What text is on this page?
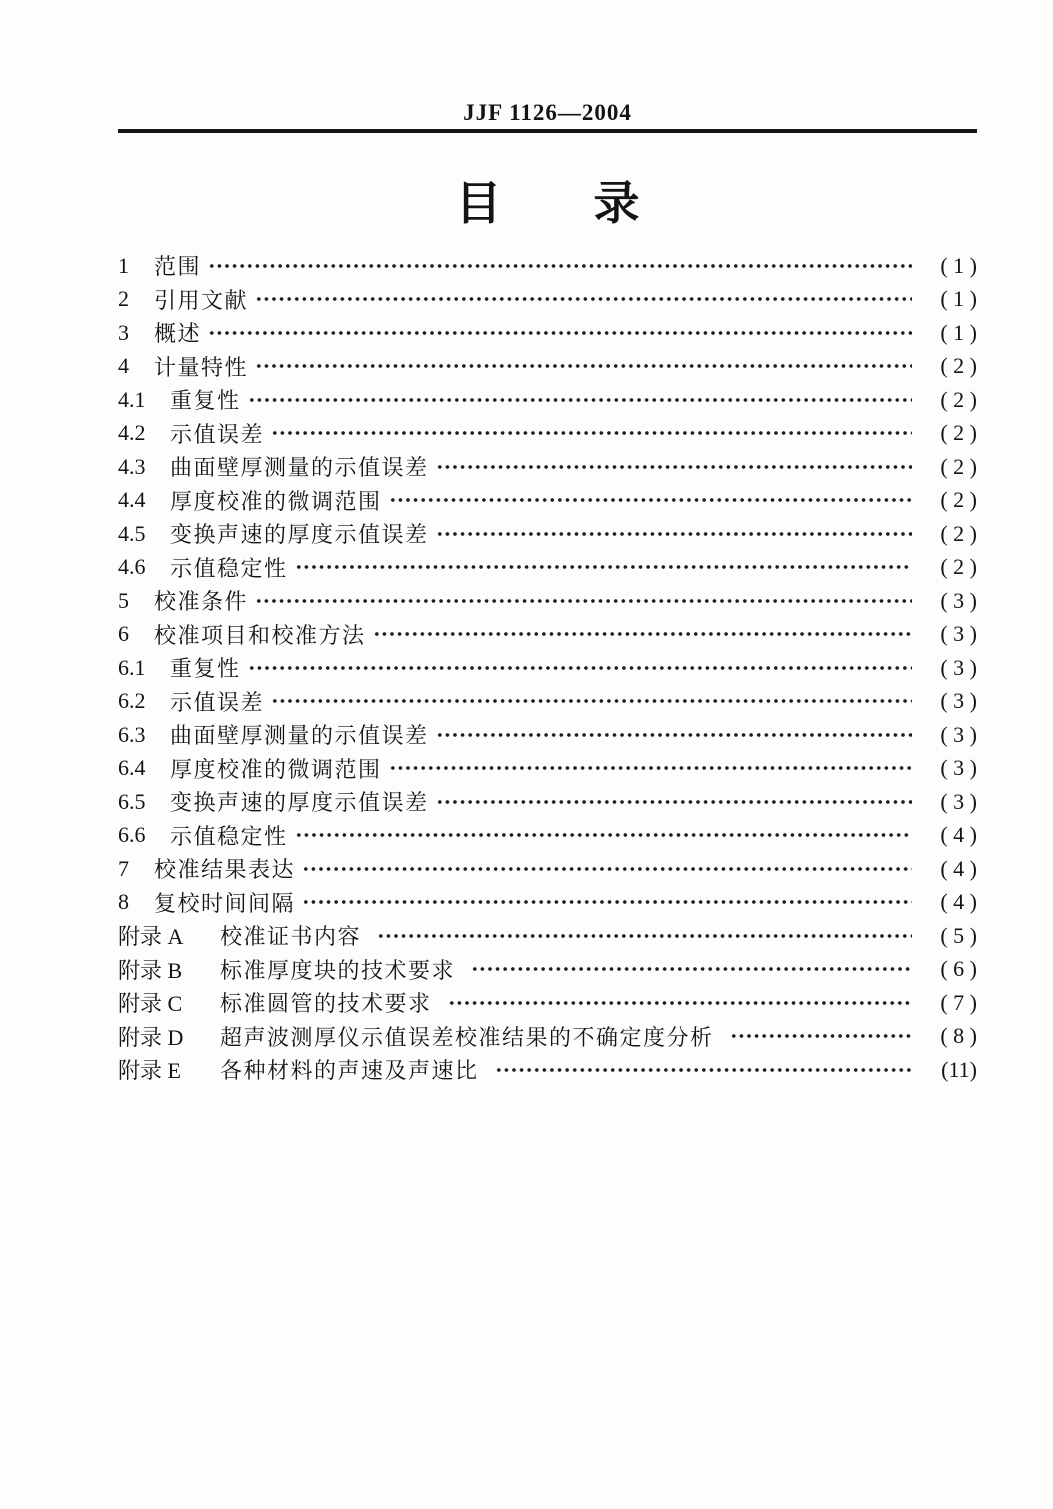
JJF 1126—2004
目　　录
1	范围	( 1 )
2	引用文献	( 1 )
3	概述	( 1 )
4	计量特性	( 2 )
4.1	重复性	( 2 )
4.2	示值误差	( 2 )
4.3	曲面壁厚测量的示值误差	( 2 )
4.4	厚度校准的微调范围	( 2 )
4.5	变换声速的厚度示值误差	( 2 )
4.6	示值稳定性	( 2 )
5	校准条件	( 3 )
6	校准项目和校准方法	( 3 )
6.1	重复性	( 3 )
6.2	示值误差	( 3 )
6.3	曲面壁厚测量的示值误差	( 3 )
6.4	厚度校准的微调范围	( 3 )
6.5	变换声速的厚度示值误差	( 3 )
6.6	示值稳定性	( 4 )
7	校准结果表达	( 4 )
8	复校时间间隔	( 4 )
附录 A	校准证书内容	( 5 )
附录 B	标准厚度块的技术要求	( 6 )
附录 C	标准圆管的技术要求	( 7 )
附录 D	超声波测厚仪示值误差校准结果的不确定度分析	( 8 )
附录 E	各种材料的声速及声速比	(11)
